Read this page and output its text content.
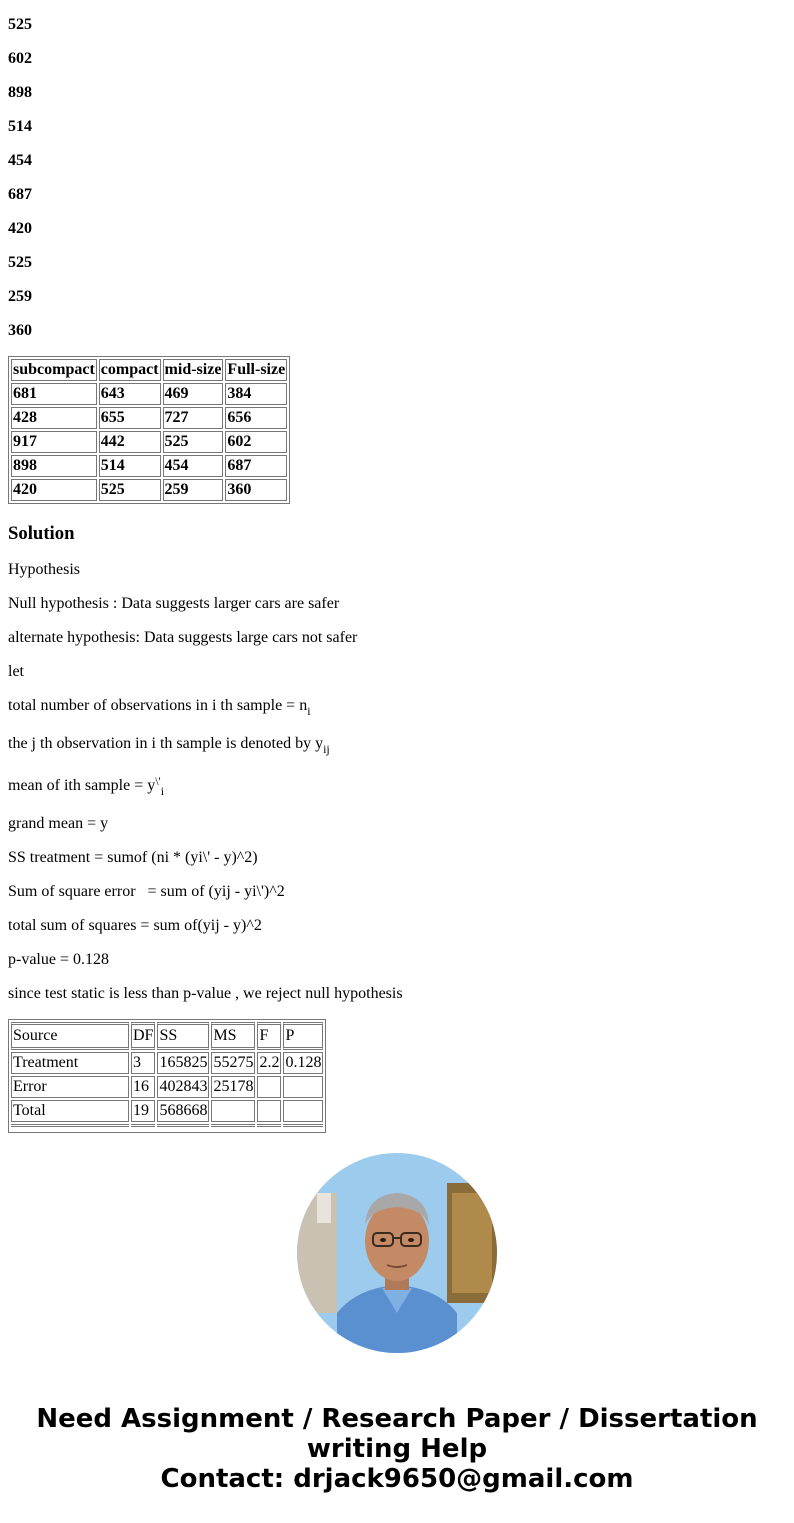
525

602

898

514

454

687

420

525

259

360

subcompact	compact	mid-size	Full-size
681	643	469	384
428	655	727	656
917	442	525	602
898	514	454	687
420	525	259	360
Solution

Hypothesis

Null hypothesis : Data suggests larger cars are safer

alternate hypothesis: Data suggests large cars not safer

let

total number of observations in i th sample = $n_i$

the j th observation in i th sample is denoted by $y_{ij}$

mean of ith sample = $y^{\backslash'}_i$

grand mean = y

SS treatment = sumof (ni * (yi\' - y)^2)

Sum of square error   = sum of (yij - yi\')^2

total sum of squares = sum of(yij - y)^2

p-value = 0.128

since test static is less than p-value , we reject null hypothesis

Source	DF	SS	MS	F	P
Treatment	3	165825	55275	2.2	0.128
Error	16	402843	25178		
Total	19	568668			

Need Assignment / Research Paper / Dissertation
writing Help
Contact: drjack9650@gmail.com
